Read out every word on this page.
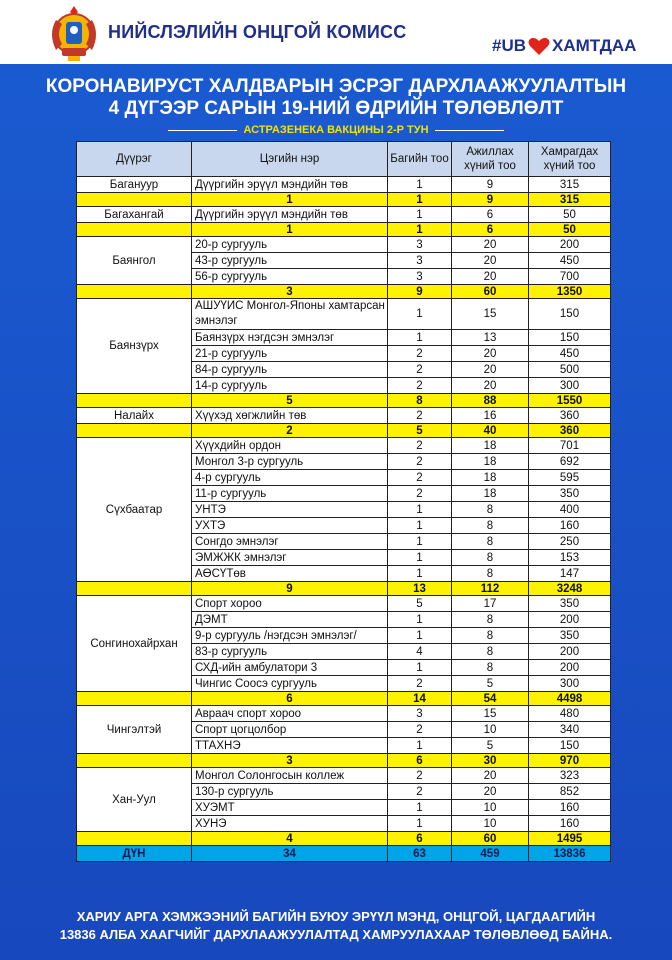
НИЙСЛЭЛИЙН ОНЦГОЙ КОМИСС
#UB ХАМТДАА
КОРОНАВИРУСТ ХАЛДВАРЫН ЭСРЭГ ДАРХЛААЖУУЛАЛТЫН
4 ДҮГЭЭР САРЫН 19-НИЙ ӨДРИЙН ТӨЛӨВЛӨЛТ
АСТРАЗЕНЕКА ВАКЦИНЫ 2-Р ТУН
Дүүрэг	Цэгийн нэр	Багийн тоо	Ажиллах хүний тоо	Хамрагдах хүний тоо
Багануур	Дүүргийн эрүүл мэндийн төв	1	9	315
	1	1	9	315
Багахангай	Дүүргийн эрүүл мэндийн төв	1	6	50
	1	1	6	50
Баянгол	20-р сургууль	3	20	200
	43-р сургууль	3	20	450
	56-р сургууль	3	20	700
	3	9	60	1350
Баянзүрх	АШУҮИС Монгол-Японы хамтарсан эмнэлэг	1	15	150
	Баянзүрх нэгдсэн эмнэлэг	1	13	150
	21-р сургууль	2	20	450
	84-р сургууль	2	20	500
	14-р сургууль	2	20	300
	5	8	88	1550
Налайх	Хүүхэд хөгжлийн төв	2	16	360
	2	5	40	360
Сүхбаатар	Хүүхдийн ордон	2	18	701
	Монгол 3-р сургууль	2	18	692
	4-р сургууль	2	18	595
	11-р сургууль	2	18	350
	УНТЭ	1	8	400
	УХТЭ	1	8	160
	Сонгдо эмнэлэг	1	8	250
	ЭМЖЖК эмнэлэг	1	8	153
	АӨСҮТөв	1	8	147
	9	13	112	3248
Сонгинохайрхан	Спорт хороо	5	17	350
	ДЭМТ	1	8	200
	9-р сургууль /нэгдсэн эмнэлэг/	1	8	350
	83-р сургууль	4	8	200
	СХД-ийн амбулатори 3	1	8	200
	Чингис Соосэ сургууль	2	5	300
	6	14	54	4498
Чингэлтэй	Авраач спорт хороо	3	15	480
	Спорт цогцолбор	2	10	340
	ТТАХНЭ	1	5	150
	3	6	30	970
Хан-Уул	Монгол Солонгосын коллеж	2	20	323
	130-р сургууль	2	20	852
	ХУЭМТ	1	10	160
	ХУНЭ	1	10	160
	4	6	60	1495
ДҮН	34	63	459	13836
ХАРИУ АРГА ХЭМЖЭЭНИЙ БАГИЙН БУЮУ ЭРҮҮЛ МЭНД, ОНЦГОЙ, ЦАГДААГИЙН
13836 АЛБА ХААГЧИЙГ ДАРХЛААЖУУЛАЛТАД ХАМРУУЛАХААР ТӨЛӨВЛӨӨД БАЙНА.
